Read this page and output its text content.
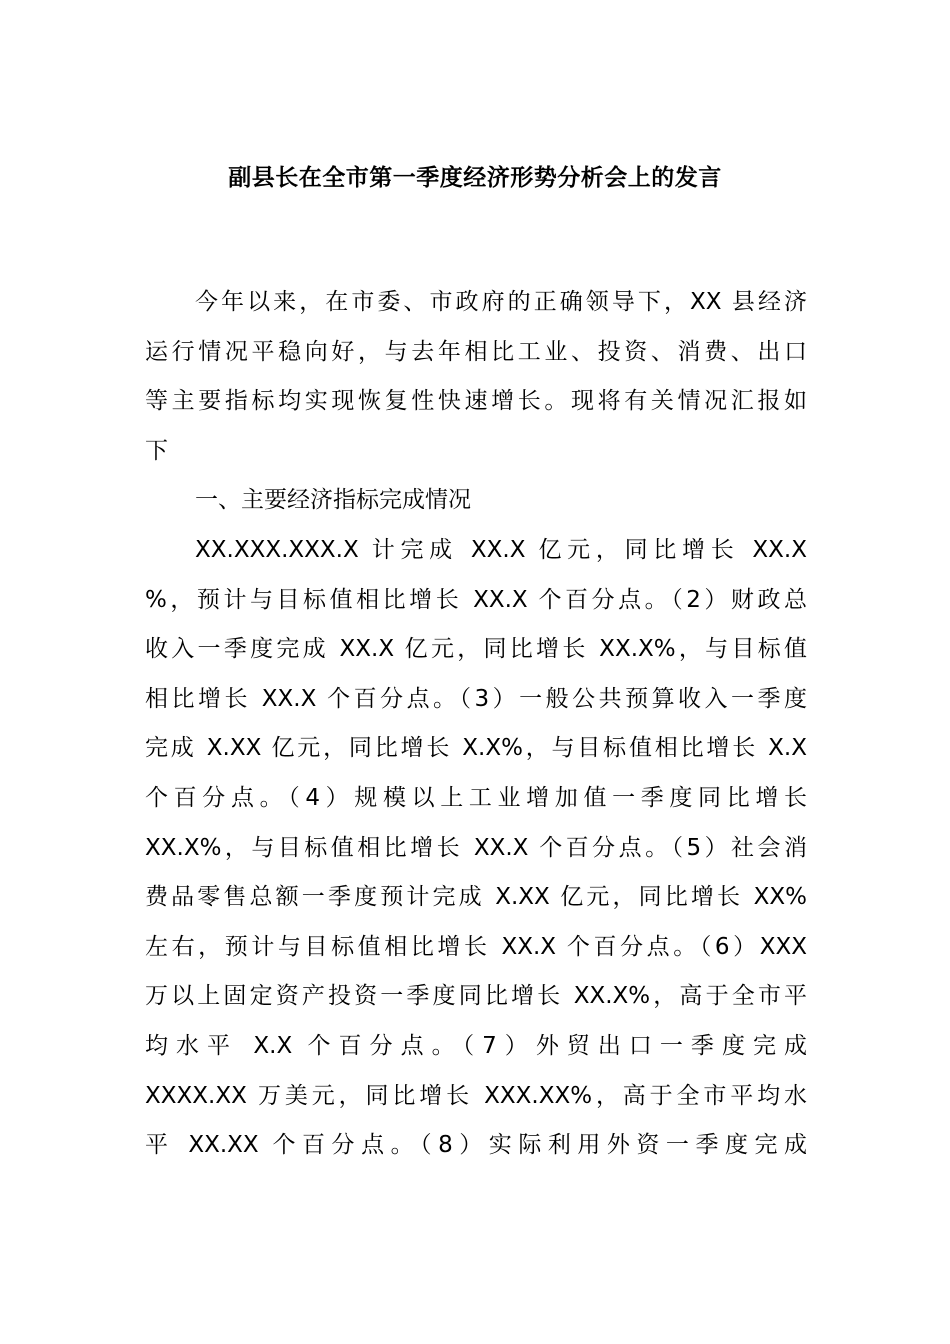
副县长在全市第一季度经济形势分析会上的发言
今年以来，在市委、市政府的正确领导下，XX 县经济
运行情况平稳向好，与去年相比工业、投资、消费、出口
等主要指标均实现恢复性快速增长。现将有关情况汇报如
下
一、主要经济指标完成情况
XX.XXX.XXX.X 计完成 XX.X 亿元，同比增长 XX.X
%，预计与目标值相比增长 XX.X 个百分点。（2）财政总
收入一季度完成 XX.X 亿元，同比增长 XX.X%，与目标值
相比增长 XX.X 个百分点。（3）一般公共预算收入一季度
完成 X.XX 亿元，同比增长 X.X%，与目标值相比增长 X.X
个百分点。（4）规模以上工业增加值一季度同比增长
XX.X%，与目标值相比增长 XX.X 个百分点。（5）社会消
费品零售总额一季度预计完成 X.XX 亿元，同比增长 XX%
左右，预计与目标值相比增长 XX.X 个百分点。（6）XXX
万以上固定资产投资一季度同比增长 XX.X%，高于全市平
均水平 X.X 个百分点。（7）外贸出口一季度完成
XXXX.XX 万美元，同比增长 XXX.XX%，高于全市平均水
平 XX.XX 个百分点。（8）实际利用外资一季度完成
